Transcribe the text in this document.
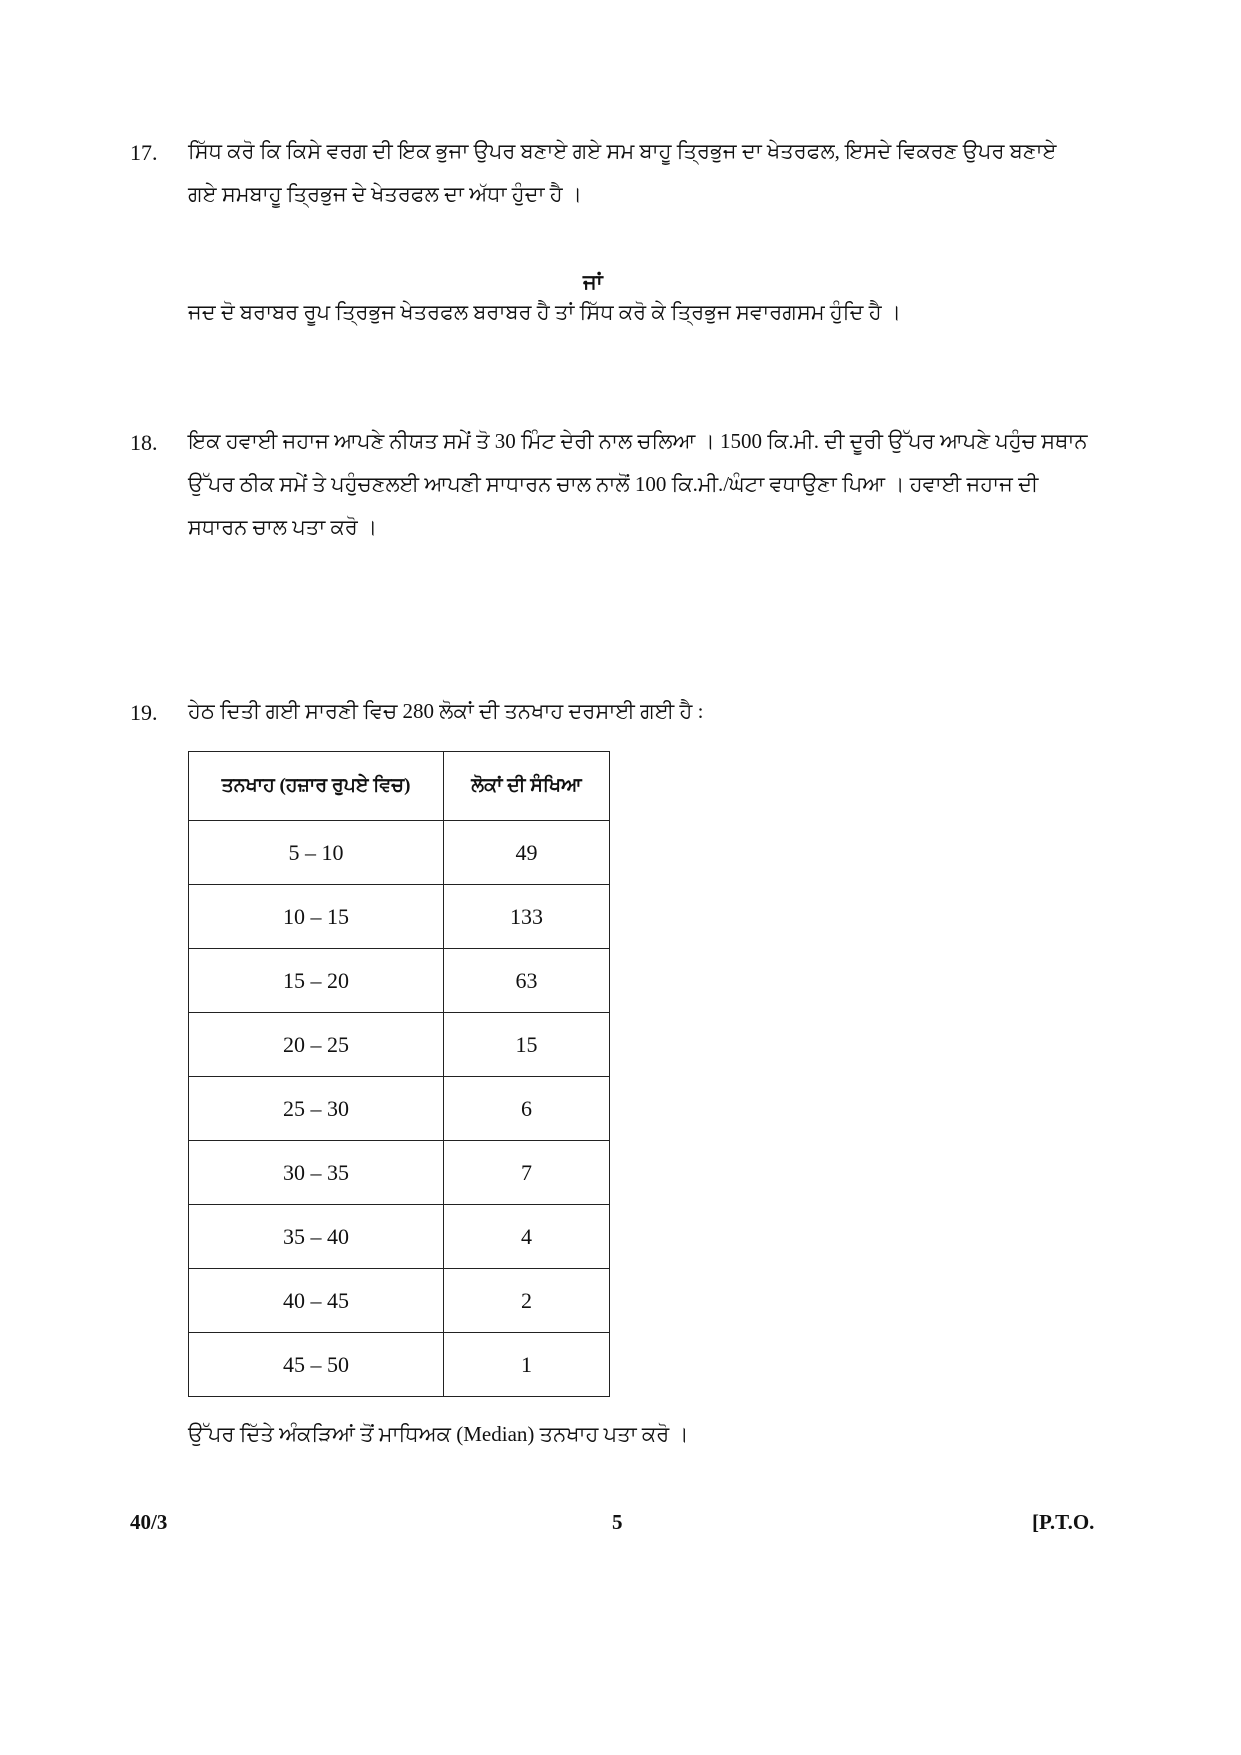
17. ਸਿੱਧ ਕਰੋ ਕਿ ਕਿਸੇ ਵਰਗ ਦੀ ਇਕ ਭੁਜਾ ਉਪਰ ਬਣਾਏ ਗਏ ਸਮ ਬਾਹੂ ਤ੍ਰਿਭੁਜ ਦਾ ਖੇਤਰਫਲ, ਇਸਦੇ ਵਿਕਰਣ ਉਪਰ ਬਣਾਏ ਗਏ ਸਮਬਾਹੂ ਤ੍ਰਿਭੁਜ ਦੇ ਖੇਤਰਫਲ ਦਾ ਅੱਧਾ ਹੁੰਦਾ ਹੈ ।
ਜਾਂ
ਜਦ ਦੋ ਬਰਾਬਰ ਰੂਪ ਤ੍ਰਿਭੁਜ ਖੇਤਰਫਲ ਬਰਾਬਰ ਹੈ ਤਾਂ ਸਿੱਧ ਕਰੋ ਕੇ ਤ੍ਰਿਭੁਜ ਸਵਾਰਗਸਮ ਹੁੰਦਿ ਹੈ ।
18. ਇਕ ਹਵਾਈ ਜਹਾਜ ਆਪਣੇ ਨੀਯਤ ਸਮੇਂ ਤੋ 30 ਮਿੰਟ ਦੇਰੀ ਨਾਲ ਚਲਿਆ । 1500 ਕਿ.ਮੀ. ਦੀ ਦੂਰੀ ਉੱਪਰ ਆਪਣੇ ਪਹੁੰਚ ਸਥਾਨ ਉੱਪਰ ਠੀਕ ਸਮੇਂ ਤੇ ਪਹੁੰਚਣਲਈ ਆਪਣੀ ਸਾਧਾਰਨ ਚਾਲ ਨਾਲੋਂ 100 ਕਿ.ਮੀ./ਘੰਟਾ ਵਧਾਉਣਾ ਪਿਆ । ਹਵਾਈ ਜਹਾਜ ਦੀ ਸਧਾਰਨ ਚਾਲ ਪਤਾ ਕਰੋ ।
19. ਹੇਠ ਦਿਤੀ ਗਈ ਸਾਰਣੀ ਵਿਚ 280 ਲੋਕਾਂ ਦੀ ਤਨਖਾਹ ਦਰਸਾਈ ਗਈ ਹੈ :
ਤਨਖਾਹ (ਹਜ਼ਾਰ ਰੁਪਏ ਵਿਚ)	ਲੋਕਾਂ ਦੀ ਸੰਖਿਆ
5 – 10	49
10 – 15	133
15 – 20	63
20 – 25	15
25 – 30	6
30 – 35	7
35 – 40	4
40 – 45	2
45 – 50	1
ਉੱਪਰ ਦਿੱਤੇ ਅੰਕੜਿਆਂ ਤੋਂ ਮਾਧਿਅਕ (Median) ਤਨਖਾਹ ਪਤਾ ਕਰੋ ।
40/3	5	[P.T.O.
